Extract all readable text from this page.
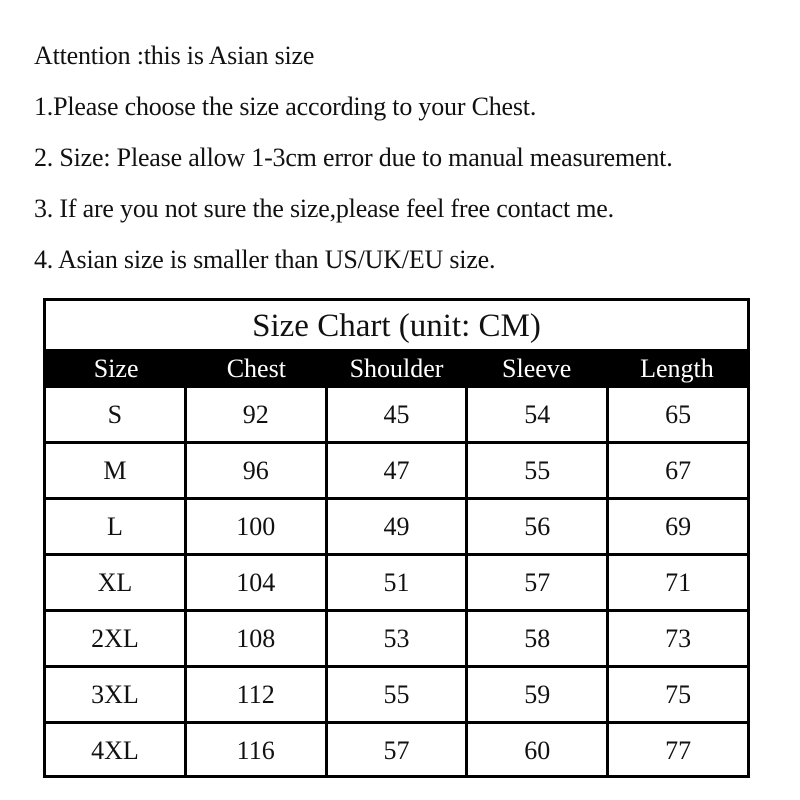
Attention :this is Asian size
1.Please choose the size according to your Chest.
2. Size: Please allow 1-3cm error due to manual measurement.
3. If are you not sure the size,please feel free contact me.
4. Asian size is smaller than US/UK/EU size.
Size Chart (unit: CM)
Size	Chest	Shoulder	Sleeve	Length
S	92	45	54	65
M	96	47	55	67
L	100	49	56	69
XL	104	51	57	71
2XL	108	53	58	73
3XL	112	55	59	75
4XL	116	57	60	77
